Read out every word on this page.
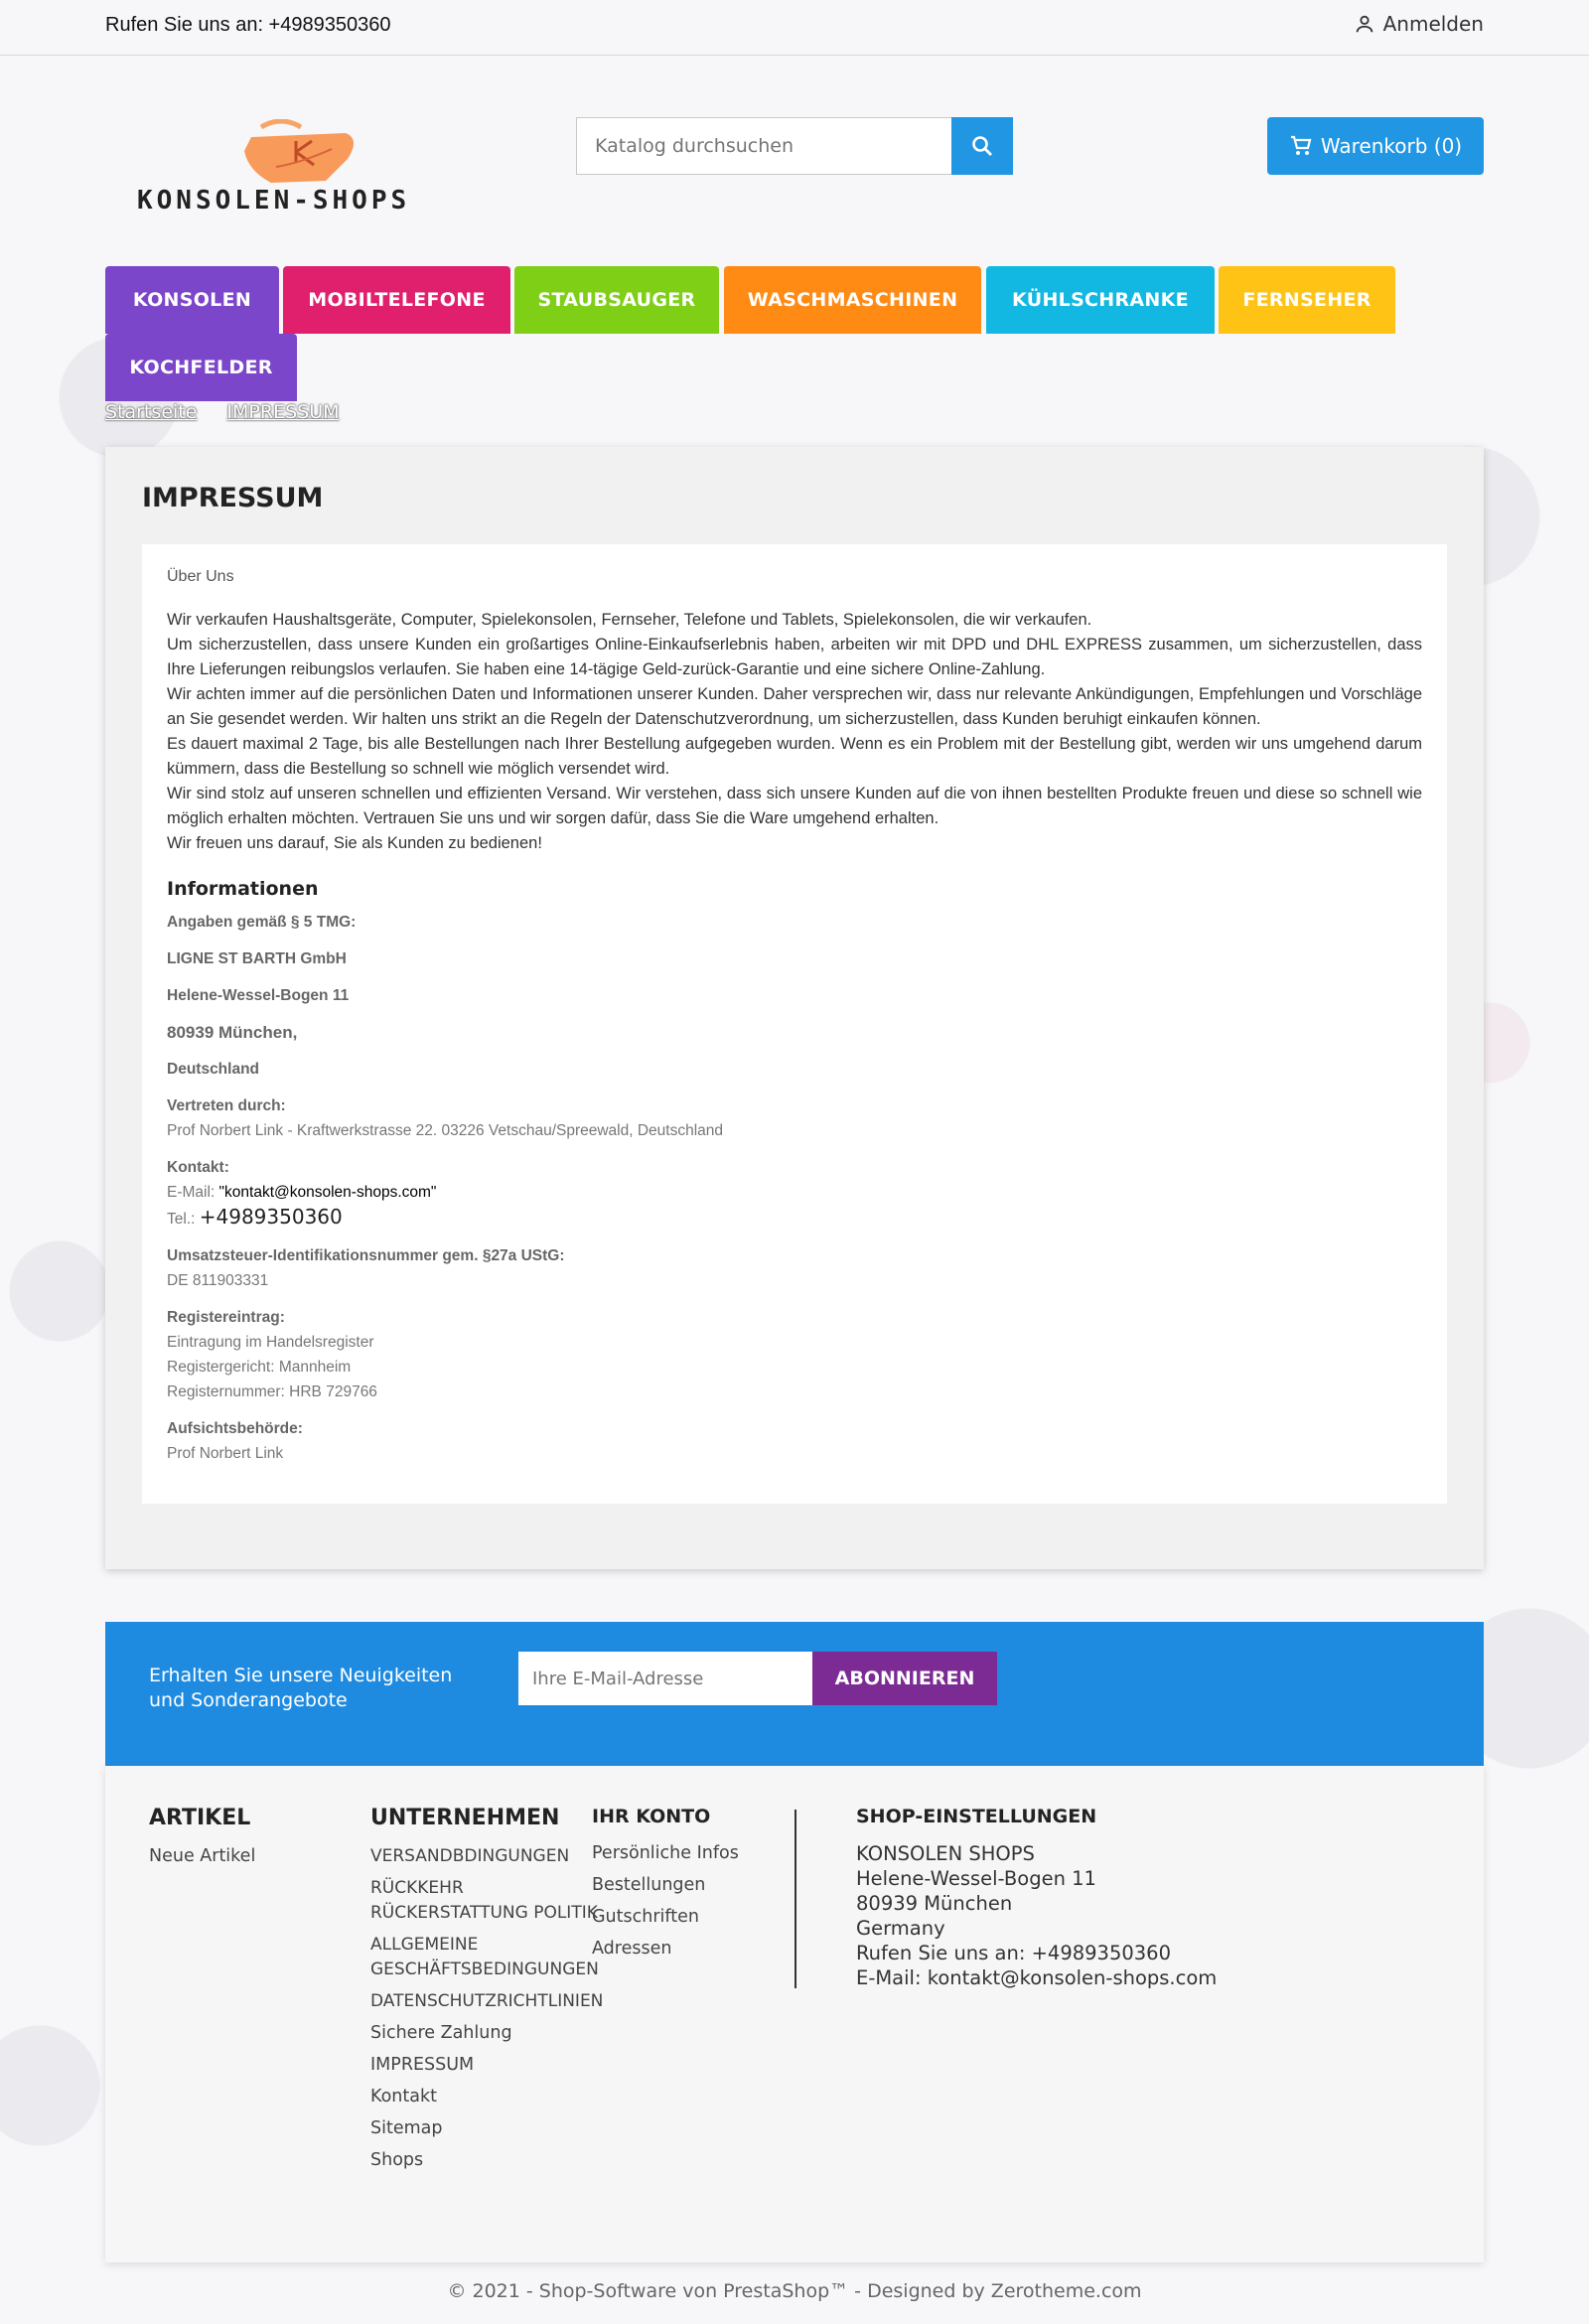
Rufen Sie uns an: +4989350360	Anmelden
KONSOLEN-SHOPS
Katalog durchsuchen
Warenkorb (0)
KONSOLEN	MOBILTELEFONE	STAUBSAUGER	WASCHMASCHINEN	KÜHLSCHRANKE	FERNSEHER
KOCHFELDER
Startseite IMPRESSUM
IMPRESSUM
Über Uns

Wir verkaufen Haushaltsgeräte, Computer, Spielekonsolen, Fernseher, Telefone und Tablets, Spielekonsolen, die wir verkaufen.

Um sicherzustellen, dass unsere Kunden ein großartiges Online-Einkaufserlebnis haben, arbeiten wir mit DPD und DHL EXPRESS zusammen, um sicherzustellen, dass Ihre Lieferungen reibungslos verlaufen. Sie haben eine 14-tägige Geld-zurück-Garantie und eine sichere Online-Zahlung.

Wir achten immer auf die persönlichen Daten und Informationen unserer Kunden. Daher versprechen wir, dass nur relevante Ankündigungen, Empfehlungen und Vorschläge an Sie gesendet werden. Wir halten uns strikt an die Regeln der Datenschutzverordnung, um sicherzustellen, dass Kunden beruhigt einkaufen können.

Es dauert maximal 2 Tage, bis alle Bestellungen nach Ihrer Bestellung aufgegeben wurden. Wenn es ein Problem mit der Bestellung gibt, werden wir uns umgehend darum kümmern, dass die Bestellung so schnell wie möglich versendet wird.

Wir sind stolz auf unseren schnellen und effizienten Versand. Wir verstehen, dass sich unsere Kunden auf die von ihnen bestellten Produkte freuen und diese so schnell wie möglich erhalten möchten. Vertrauen Sie uns und wir sorgen dafür, dass Sie die Ware umgehend erhalten.

Wir freuen uns darauf, Sie als Kunden zu bedienen!

Informationen
Angaben gemäß § 5 TMG:
LIGNE ST BARTH GmbH
Helene-Wessel-Bogen 11
80939 München,
Deutschland
Vertreten durch:
Prof Norbert Link - Kraftwerkstrasse 22. 03226 Vetschau/Spreewald, Deutschland
Kontakt:
E-Mail: "kontakt@konsolen-shops.com"
Tel.: +4989350360
Umsatzsteuer-Identifikationsnummer gem. §27a UStG:
DE 811903331
Registereintrag:
Eintragung im Handelsregister
Registergericht: Mannheim
Registernummer: HRB 729766
Aufsichtsbehörde:
Prof Norbert Link
Erhalten Sie unsere Neuigkeiten und Sonderangebote
Ihre E-Mail-Adresse
ABONNIEREN
ARTIKEL
Neue Artikel
UNTERNEHMEN
VERSANDBDINGUNGEN
RÜCKKEHR RÜCKERSTATTUNG POLITIK
ALLGEMEINE GESCHÄFTSBEDINGUNGEN
DATENSCHUTZRICHTLINIEN
Sichere Zahlung
IMPRESSUM
Kontakt
Sitemap
Shops
IHR KONTO
Persönliche Infos
Bestellungen
Gutschriften
Adressen
SHOP-EINSTELLUNGEN
KONSOLEN SHOPS
Helene-Wessel-Bogen 11
80939 München
Germany
Rufen Sie uns an: +4989350360
E-Mail: kontakt@konsolen-shops.com
© 2021 - Shop-Software von PrestaShop™ - Designed by Zerotheme.com
